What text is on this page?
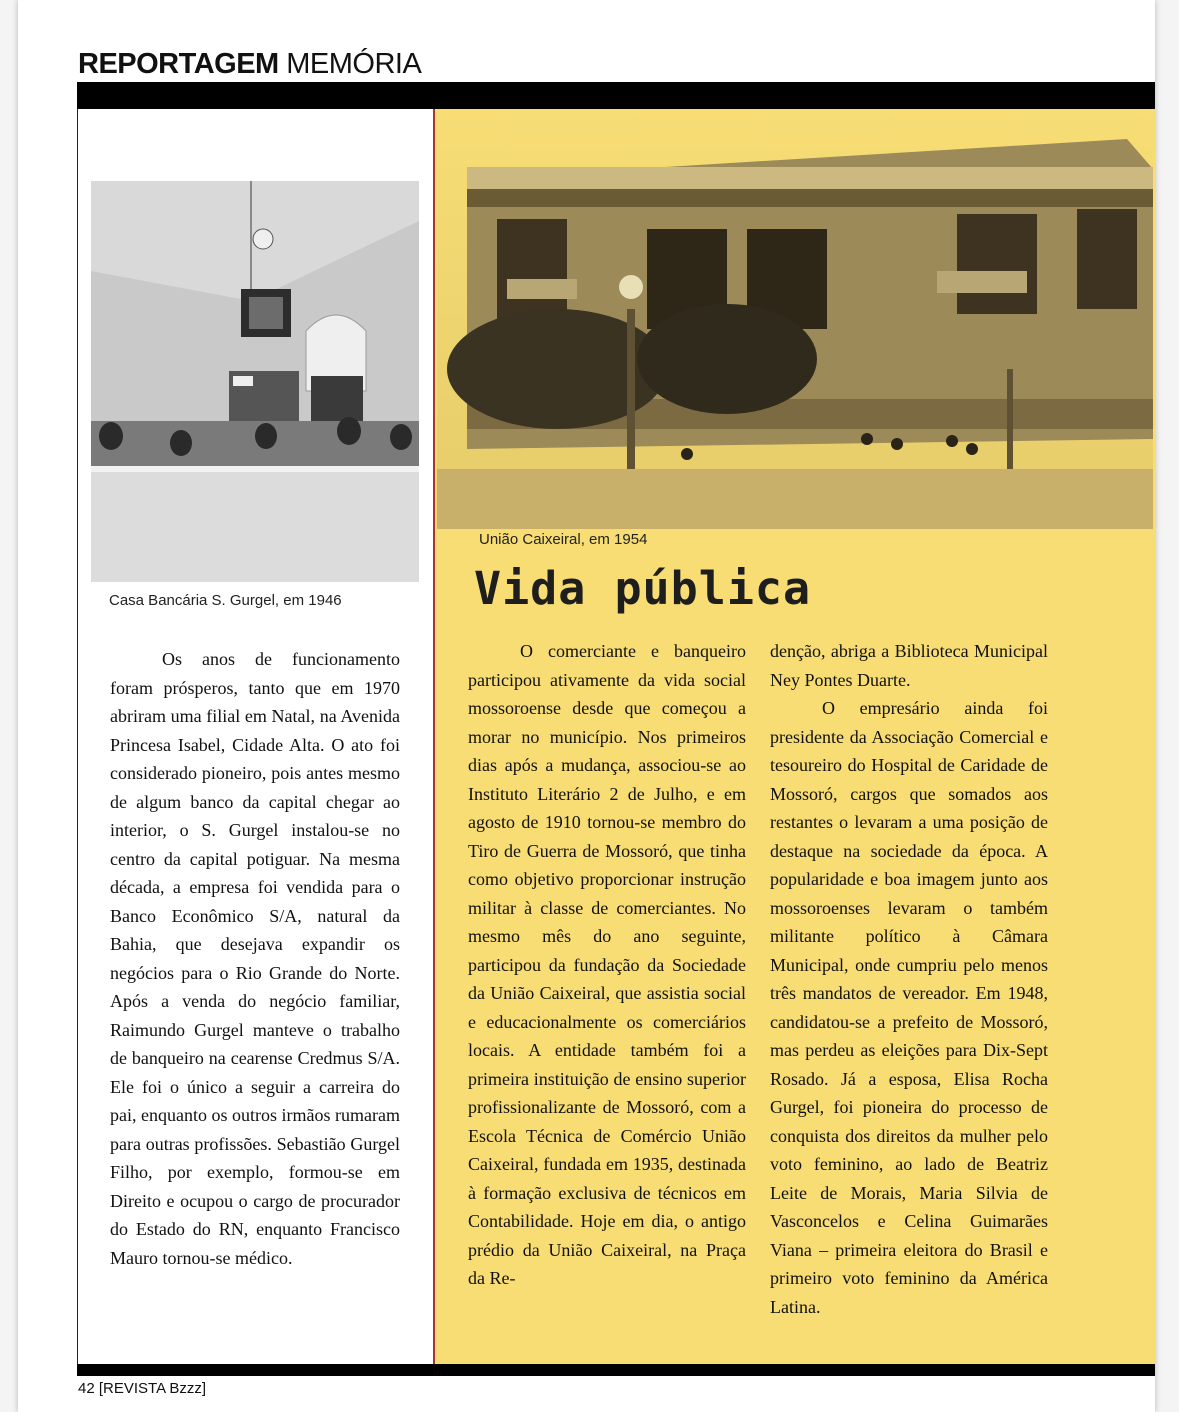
REPORTAGEM MEMÓRIA
Casa Bancária S. Gurgel, em 1946
União Caixeiral, em 1954
Vida pública

Os anos de funcionamento foram prósperos, tanto que em 1970 abriram uma filial em Natal, na Avenida Princesa Isabel, Cidade Alta. O ato foi considerado pioneiro, pois antes mesmo de algum banco da capital chegar ao interior, o S. Gurgel instalou-se no centro da capital potiguar. Na mesma década, a empresa foi vendida para o Banco Econômico S/A, natural da Bahia, que desejava expandir os negócios para o Rio Grande do Norte. Após a venda do negócio familiar, Raimundo Gurgel manteve o trabalho de banqueiro na cearense Credmus S/A. Ele foi o único a seguir a carreira do pai, enquanto os outros irmãos rumaram para outras profissões. Sebastião Gurgel Filho, por exemplo, formou-se em Direito e ocupou o cargo de procurador do Estado do RN, enquanto Francisco Mauro tornou-se médico.

O comerciante e banqueiro participou ativamente da vida social mossoroense desde que começou a morar no município. Nos primeiros dias após a mudança, associou-se ao Instituto Literário 2 de Julho, e em agosto de 1910 tornou-se membro do Tiro de Guerra de Mossoró, que tinha como objetivo proporcionar instrução militar à classe de comerciantes. No mesmo mês do ano seguinte, participou da fundação da Sociedade da União Caixeiral, que assistia social e educacionalmente os comerciários locais. A entidade também foi a primeira instituição de ensino superior profissionalizante de Mossoró, com a Escola Técnica de Comércio União Caixeiral, fundada em 1935, destinada à formação exclusiva de técnicos em Contabilidade. Hoje em dia, o antigo prédio da União Caixeiral, na Praça da Re-

denção, abriga a Biblioteca Municipal Ney Pontes Duarte.

O empresário ainda foi presidente da Associação Comercial e tesoureiro do Hospital de Caridade de Mossoró, cargos que somados aos restantes o levaram a uma posição de destaque na sociedade da época. A popularidade e boa imagem junto aos mossoroenses levaram o também militante político à Câmara Municipal, onde cumpriu pelo menos três mandatos de vereador. Em 1948, candidatou-se a prefeito de Mossoró, mas perdeu as eleições para Dix-Sept Rosado. Já a esposa, Elisa Rocha Gurgel, foi pioneira do processo de conquista dos direitos da mulher pelo voto feminino, ao lado de Beatriz Leite de Morais, Maria Silvia de Vasconcelos e Celina Guimarães Viana – primeira eleitora do Brasil e primeiro voto feminino da América Latina.

42 [REVISTA Bzzz]
